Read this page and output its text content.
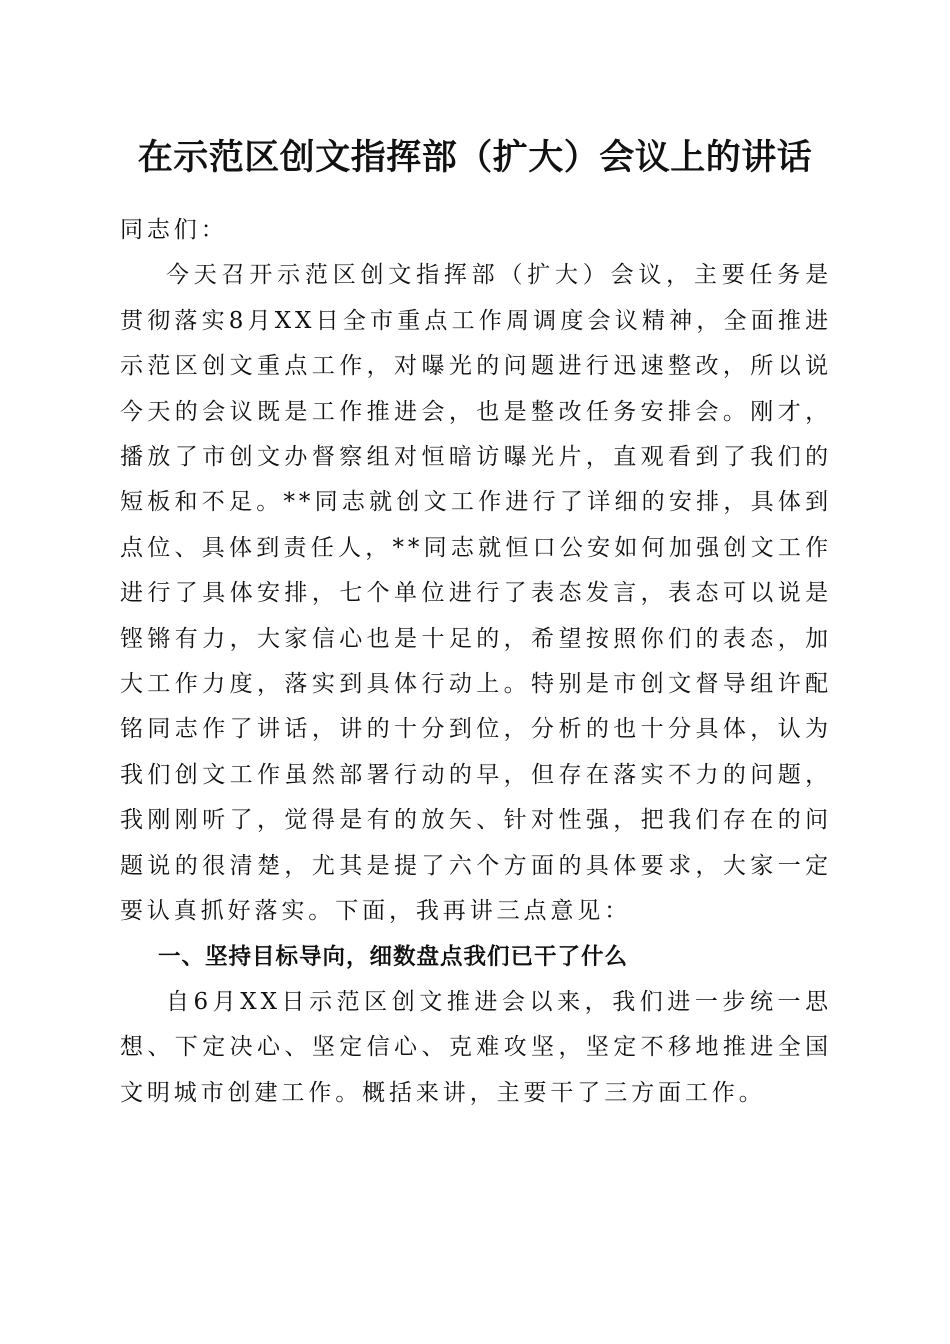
在示范区创文指挥部（扩大）会议上的讲话

同志们：

今天召开示范区创文指挥部（扩大）会议，主要任务是贯彻落实8月XX日全市重点工作周调度会议精神，全面推进示范区创文重点工作，对曝光的问题进行迅速整改，所以说今天的会议既是工作推进会，也是整改任务安排会。刚才，播放了市创文办督察组对恒暗访曝光片，直观看到了我们的短板和不足。**同志就创文工作进行了详细的安排，具体到点位、具体到责任人，**同志就恒口公安如何加强创文工作进行了具体安排，七个单位进行了表态发言，表态可以说是铿锵有力，大家信心也是十足的，希望按照你们的表态，加大工作力度，落实到具体行动上。特别是市创文督导组许配铭同志作了讲话，讲的十分到位，分析的也十分具体，认为我们创文工作虽然部署行动的早，但存在落实不力的问题，我刚刚听了，觉得是有的放矢、针对性强，把我们存在的问题说的很清楚，尤其是提了六个方面的具体要求，大家一定要认真抓好落实。下面，我再讲三点意见：

一、坚持目标导向，细数盘点我们已干了什么

自6月XX日示范区创文推进会以来，我们进一步统一思想、下定决心、坚定信心、克难攻坚，坚定不移地推进全国文明城市创建工作。概括来讲，主要干了三方面工作。
